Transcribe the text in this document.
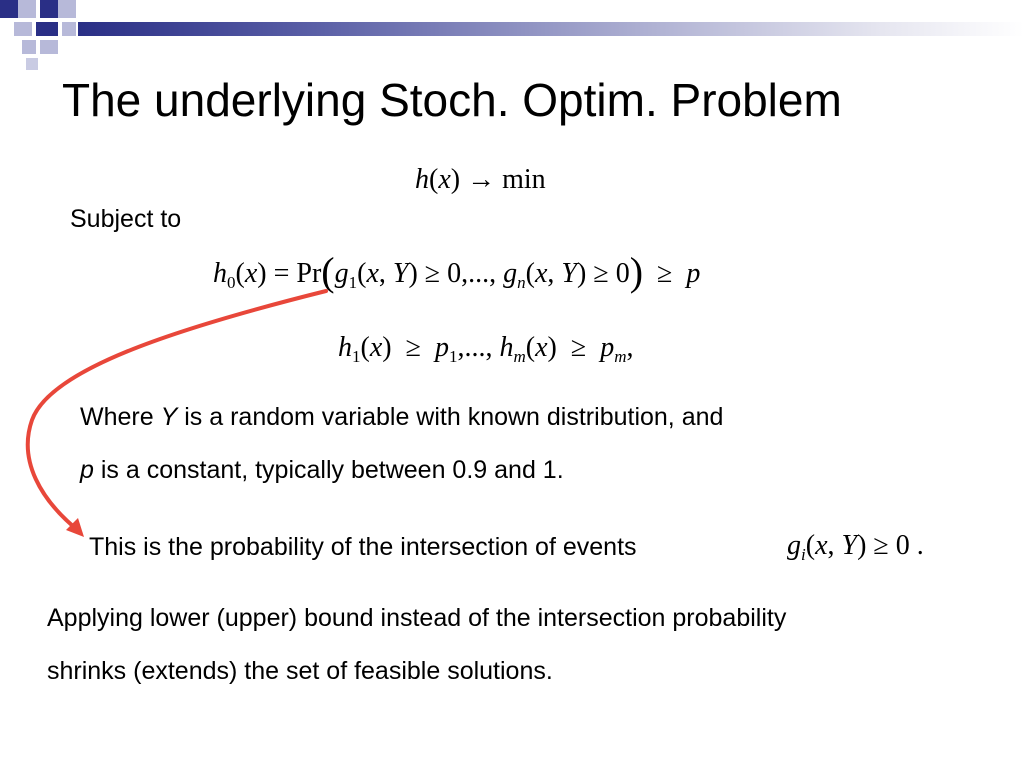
The underlying Stoch. Optim. Problem
h(x) → min
Subject to
$h_0(x) = Pr(g_1(x$, Y) ≥ 0,..., $g_n(x$, Y) ≥ 0)  ≥  p
$h_1(x) \ge p_1$,..., $h_m(x) \ge p_m$,
Where Y is a random variable with known distribution, and
p is a constant, typically between 0.9 and 1.
This is the probability of the intersection of events	$g_i(x$, Y) ≥ 0 .
Applying lower (upper) bound instead of the intersection probability
shrinks (extends) the set of feasible solutions.
